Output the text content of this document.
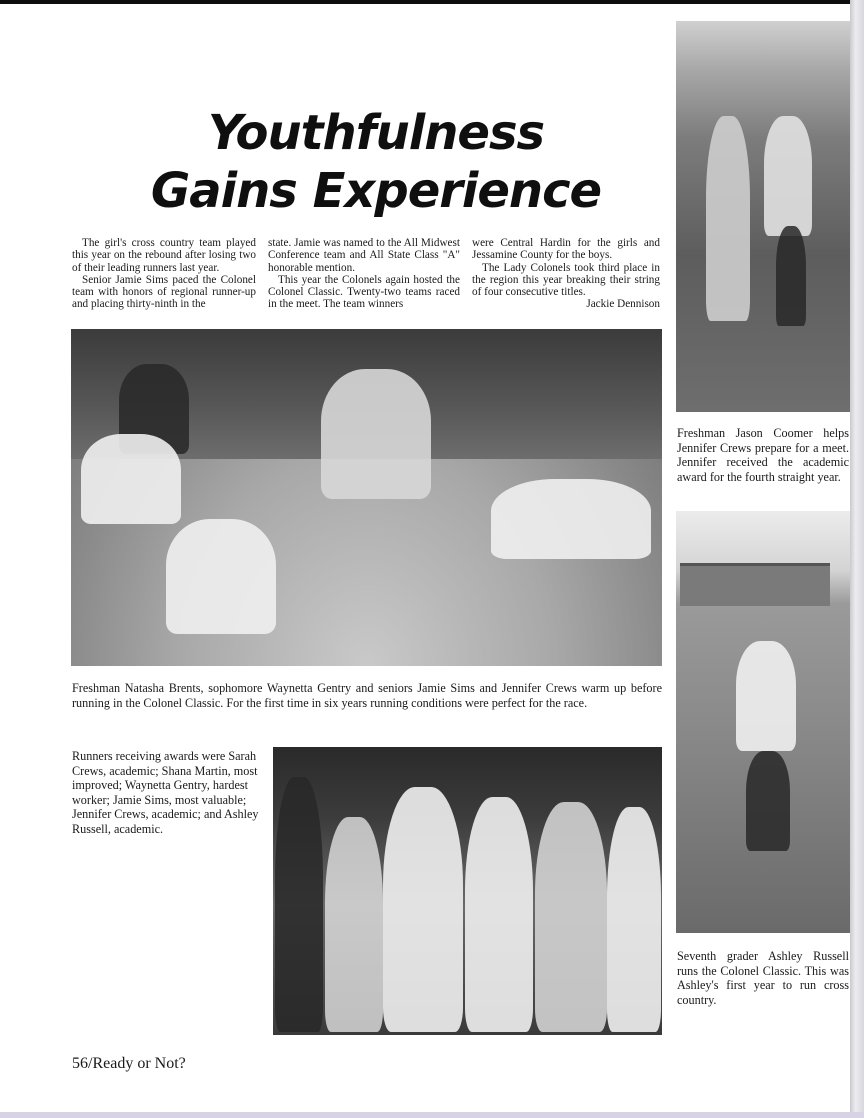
Youthfulness
Gains Experience

The girl's cross country team played this year on the rebound after losing two of their leading runners last year.

Senior Jamie Sims paced the Colonel team with honors of regional runner-up and placing thirty-ninth in the

state. Jamie was named to the All Midwest Conference team and All State Class "A" honorable mention.

This year the Colonels again hosted the Colonel Classic. Twenty-two teams raced in the meet. The team winners

were Central Hardin for the girls and Jessamine County for the boys.

The Lady Colonels took third place in the region this year breaking their string of four consecutive titles.

Jackie Dennison

Freshman Jason Coomer helps Jennifer Crews prepare for a meet. Jennifer received the academic award for the fourth straight year.

Seventh grader Ashley Russell runs the Colonel Classic. This was Ashley's first year to run cross country.

Freshman Natasha Brents, sophomore Waynetta Gentry and seniors Jamie Sims and Jennifer Crews warm up before running in the Colonel Classic. For the first time in six years running conditions were perfect for the race.

Runners receiving awards were Sarah Crews, academic; Shana Martin, most improved; Waynetta Gentry, hardest worker; Jamie Sims, most valuable; Jennifer Crews, academic; and Ashley Russell, academic.

56/Ready or Not?
